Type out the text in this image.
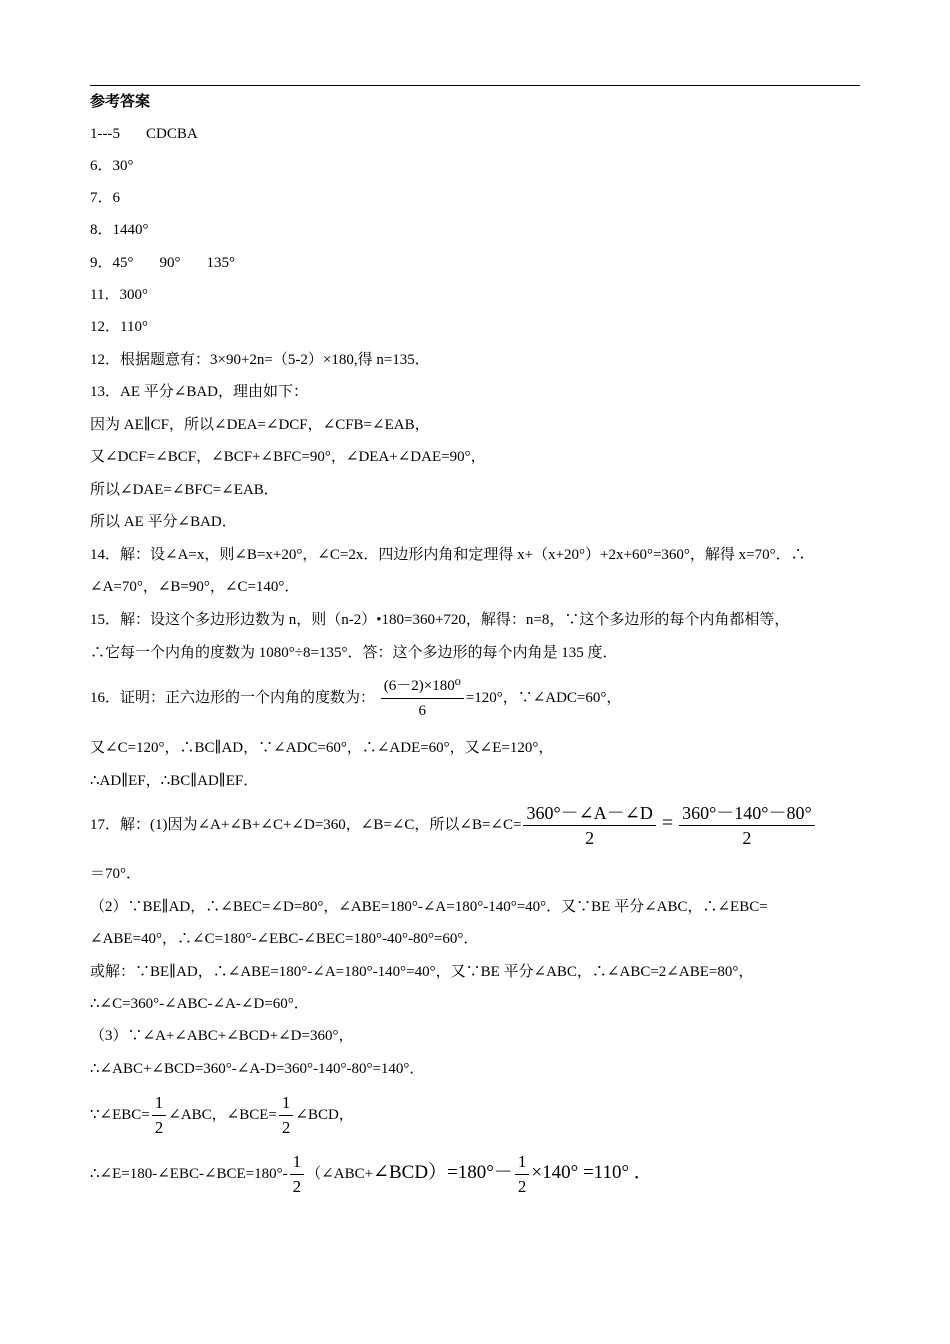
参考答案
1---5 CDCBA
6．30°
7．6
8．1440°
9．45° 90° 135°
11．300°
12．110°
12．根据题意有：3×90+2n=（5-2）×180,得 n=135．
13．AE 平分∠BAD，理由如下：
因为 AE∥CF，所以∠DEA=∠DCF，∠CFB=∠EAB，
又∠DCF=∠BCF，∠BCF+∠BFC=90°，∠DEA+∠DAE=90°，
所以∠DAE=∠BFC=∠EAB．
所以 AE 平分∠BAD．
14．解：设∠A=x，则∠B=x+20°，∠C=2x．四边形内角和定理得 x+（x+20°）+2x+60°=360°，解得 x=70°．∴
∠A=70°，∠B=90°，∠C=140°．
15．解：设这个多边形边数为 n，则（n-2）•180=360+720，解得：n=8，∵这个多边形的每个内角都相等，
∴它每一个内角的度数为 1080°÷8=135°．答：这个多边形的每个内角是 135 度．
16．证明：正六边形的一个内角的度数为： $\frac{\text{(6－2)×180⁰}}{6} =120^\circ$，∵∠ADC=60°，
又∠C=120°，∴BC∥AD，∵∠ADC=60°，∴∠ADE=60°，又∠E=120°，
∴AD∥EF，∴BC∥AD∥EF．
17．解：(1)因为∠A+∠B+∠C+∠D=360，∠B=∠C，所以∠B=∠C= $\frac{360^\circ-\angle A-\angle D}{2} = \frac{360^\circ-140^\circ-80^\circ}{2}$
＝70°．
（2）∵BE∥AD，∴∠BEC=∠D=80°，∠ABE=180°-∠A=180°-140°=40°．又∵BE 平分∠ABC，∴∠EBC=
∠ABE=40°，∴∠C=180°-∠EBC-∠BEC=180°-40°-80°=60°．
或解：∵BE∥AD，∴∠ABE=180°-∠A=180°-140°=40°，又∵BE 平分∠ABC，∴∠ABC=2∠ABE=80°，
∴∠C=360°-∠ABC-∠A-∠D=60°．
（3）∵∠A+∠ABC+∠BCD+∠D=360°，
∴∠ABC+∠BCD=360°-∠A-D=360°-140°-80°=140°．
∵∠EBC= $\frac{1}{2}$ ∠ABC，∠BCE= $\frac{1}{2}$ ∠BCD，
∴∠E=180-∠EBC-∠BCE=180°- $\frac{1}{2}$ （∠ABC+∠BCD）=180°－ $\frac{1}{2} \times 140^\circ =110^\circ$ ．
